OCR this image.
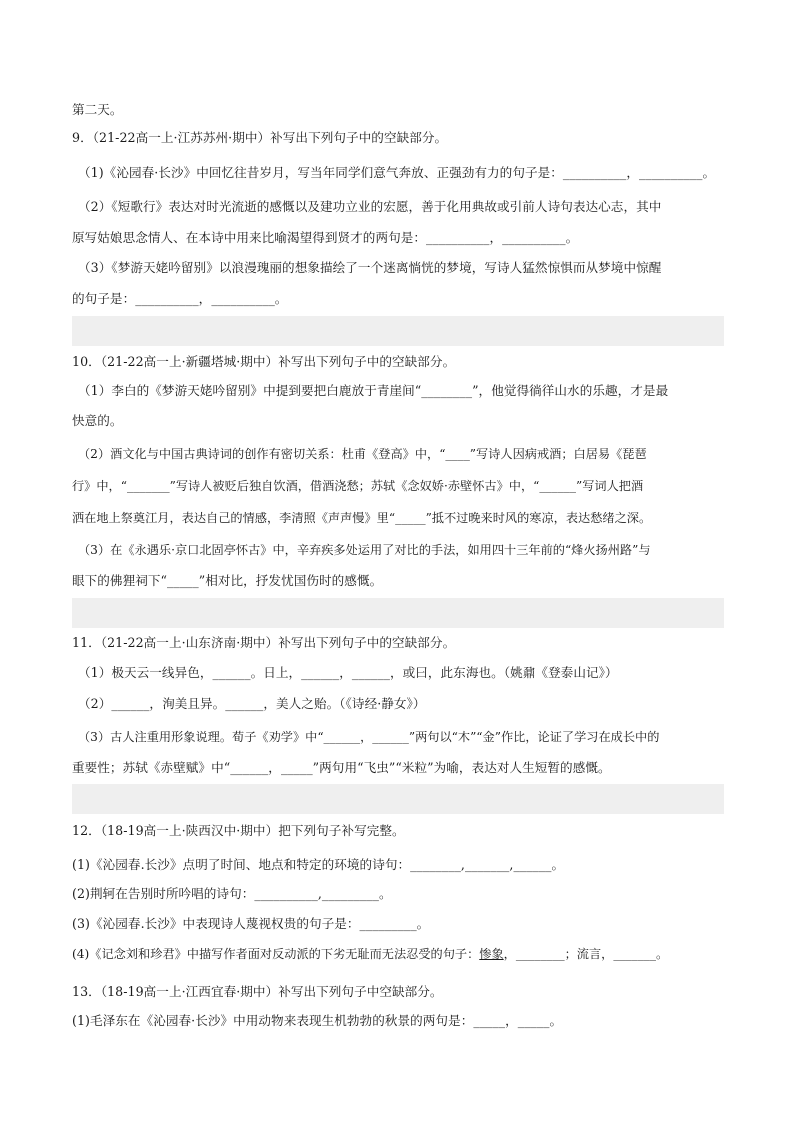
第二天。
9．（21-22高一上·江苏苏州·期中）补写出下列句子中的空缺部分。
（1)《沁园春·长沙》中回忆往昔岁月，写当年同学们意气奔放、正强劲有力的句子是：__________，__________。
（2）《短歌行》表达对时光流逝的感慨以及建功立业的宏愿，善于化用典故或引前人诗句表达心志，其中
原写姑娘思念情人、在本诗中用来比喻渴望得到贤才的两句是：__________，__________。
（3）《梦游天姥吟留别》以浪漫瑰丽的想象描绘了一个迷离惝恍的梦境，写诗人猛然惊惧而从梦境中惊醒
的句子是：__________，__________。
10．（21-22高一上·新疆塔城·期中）补写出下列句子中的空缺部分。
（1）李白的《梦游天姥吟留别》中提到要把白鹿放于青崖间“________”，他觉得徜徉山水的乐趣，才是最
快意的。
（2）酒文化与中国古典诗词的创作有密切关系：杜甫《登高》中，“____”写诗人因病戒酒；白居易《琵琶
行》中，“_______”写诗人被贬后独自饮酒，借酒浇愁；苏轼《念奴娇·赤壁怀古》中，“______”写词人把酒
洒在地上祭奠江月，表达自己的情感，李清照《声声慢》里“_____”抵不过晚来时风的寒凉，表达愁绪之深。
（3）在《永遇乐·京口北固亭怀古》中，辛弃疾多处运用了对比的手法，如用四十三年前的“烽火扬州路”与
眼下的佛狸祠下“_____”相对比，抒发忧国伤时的感慨。
11．（21-22高一上·山东济南·期中）补写出下列句子中的空缺部分。
（1）极天云一线异色，______。日上，______，______，或曰，此东海也。（姚鼐《登泰山记》）
（2）______，洵美且异。______，美人之贻。（《诗经·静女》）
（3）古人注重用形象说理。荀子《劝学》中“______，______”两句以“木”“金”作比，论证了学习在成长中的
重要性；苏轼《赤壁赋》中“______，_____”两句用“飞虫”“米粒”为喻，表达对人生短暂的感慨。
12．（18-19高一上·陕西汉中·期中）把下列句子补写完整。
(1)《沁园春.长沙》点明了时间、地点和特定的环境的诗句：________,_______,______。
(2)荆轲在告别时所吟唱的诗句：__________,_________。
(3)《沁园春.长沙》中表现诗人蔑视权贵的句子是：_________。
(4)《记念刘和珍君》中描写作者面对反动派的下劣无耻而无法忍受的句子：惨象，________；流言，_______。
13．（18-19高一上·江西宜春·期中）补写出下列句子中空缺部分。
(1)毛泽东在《沁园春·长沙》中用动物来表现生机勃勃的秋景的两句是：_____，_____。
